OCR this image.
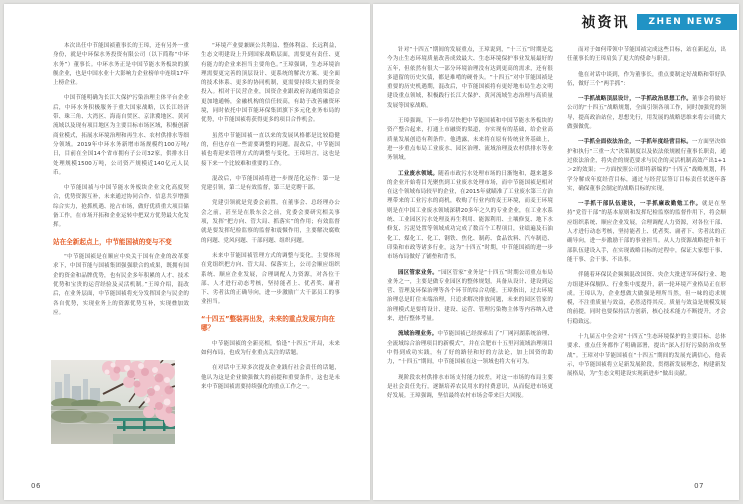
本次出任中节能国祯董事长的王璋，还有另外一重身份，就是中环保水务投资有限公司（以下简称“中环水务”）董事长。中环水务正是中国节能水务板块的旗舰企业，也是中国水业十大影响力企业榜单中连续17年上榜企业。

中国节能明确为长江大保护污染治理主体平台企业后，中环水务积极服务于重大国家战略，以长江经济带、珠三角、大湾区、海南自贸区、京津冀地区、黄河流域以及现有项目地区为主要目标市场区域，积极创新商业模式，拓展水环境治理和再生水、农村供排水等细分领域。2019年中环水务新增市场规模约100万吨/日，目前在全国14个省市拥有子公司32家，供排水日处理规模1500万吨，公司资产规模近140亿元人民币。

中节能国祯与中国节能水务板块企业文化高度契合，优势资源互补，未来通过协同合作、信息共享增强综合实力，抢抓机遇、抢占市场，做好优质重大项目储备工作，在市场开拓和企业运转中把双方优势最大化发挥。

站在全新起点上，中节能国祯的变与不变

“中节能国祯是在顺应中央关于国有企业的改革要求下，中国节能与国祯集团强强联合的成果，既拥有国企的资金和品牌优势，也有民企多年积累的人才、技术优势和宝贵的运营经验及灵活机制。”王璋介绍，混改后，在业务层面，中节能国祯将充分发挥国企与民企的各自优势，实现业务上的资源优势互补，实现叠加效应。

“环境产业要兼顾公共利益、整体利益、长远利益，生态文明建设上升到国家战略层面，需要更有责任、更有能力的企业来担当主要角色。”王璋强调，生态环境治理需要更完善的顶层设计、更系统的解决方案、更全面的技术体系、更多的协同机制，更需要持续大量的资金投入。相对于民营企业，国资企业跟政府沟通的渠道会更加地通畅，金融机构的信任较高，有助于改善融资环境，同时依托中国节能环保集团旗下多元化业务布局的优势，中节能国祯将获得更多的项目合作机会。

虽然中节能国祯一直以来的发展风格都是比较稳健的，但也存在一些需要调整的问题。混改后，中节能国祯也将迎来管理方式的调整与变化，王璋坦言，这也是接下来一个比较难和重要的工作。

混改后，中节能国祯将进一步规范化运作：第一是党建引领，第二是有效监督，第三是竞聘干部。

党建引领就是党委会前置，在董事会、总经理办公会之前，甚至是在股东会之前，党委会要研究相关事项，发挥“把方向、管大局、抓落实”的作用；有效监督就是要发挥纪检监察的监督和震慑作用，主要解决腐败的问题、党风问题、干部问题、组织问题。

未来中节能国祯管理方式的调整与变化，主要体现在党组织把方向、管大局、保落实上，公司会顺应组织系统、顺应企业发展，合理调配人力资源，对各位干部、人才进行动态考核，坚持能者上、优者奖、庸者下、劣者汰的正确导向，进一步激励广大干部员工的事业担当。

“十四五”整装再出发，未来的重点发展方向在哪？

中节能国祯的全新亮相，恰逢“十四五”开局，未来如何布局，也成为行业重点关注的话题。

在对话中王璋多次提及企业践行社会责任的话题，他认为这是企业做强做大的前提和重要条件，这也是未来中节能国祯需要持续强化的重点工作之一。

06
祯资讯	ZHEN NEWS

针对“十四五”期间的发展重点，王璋说到，“十三五”时期是迄今为止生态环境质量改善成效最大、生态环境保护事业发展最好的五年，但依然有很大一部分环境治理没有达到更高的需求，还有很多遗留的历史欠债，都是难啃的硬骨头。“十四五”对中节能国祯是重要的历史机遇期，混改后，中节能国祯将有更好地布局生态文明建设重点领域，积极践行长江大保护、黄河流域生态治理与高质量发展等国家战略。

王璋强调，下一步将尽快把中节能国祯和中国节能水务板块的资产整合起来，打通上市融资的渠道，夯实现有的基础，给企业高质量发展创造有利条件。他透露，未来将在原有传统业务基础上，进一步重点布局工业废水、园区治理、流域治理及农村供排水等业务领域。

工业废水领域。随着市政污水处理市场的日渐饱和，越来越多的企业开始将目光聚焦到工业废水处理市场，而中节能国祯是相对在这个领域布局较早的企业，在2015年就瞄准了工业废水第三方治理带来的工业污水的商机，收购了行业内的麦王环境，而麦王环境则是在中国工业废水领域深耕20多年之久的专业企业，在工业水系统、工业园区污水处理及再生利用、能源利用、土壤修复、地下水修复、污泥处置等领域成功完成了数百个工程项目，业绩遍及石油化工、煤化工、化工、钢铁、焦化、制药、食品饮料、汽车制造、印染和市政等诸多行业，这为“十四五”时期，中节能国祯的进一步市场布局做好了铺垫和背书。

园区管家业务。“园区管家”业务是“十四五”时期公司重点布局业务之一，主要是做专业园区的整体规划，具备从设计、建设到运营、管理及环保治理等各个环节的综合功能。王璋指出，过去环境治理总是盯住末端治理，只追求解决排放问题，未来的园区管家的治理模式是要将设计、建设、运营、管理污染物主体等内容纳入进来，进行整体考量。

流域治理业务。中节能国祯已经探索出了“厂网河湖系统治理、全流域综合治理项目的新模式”，并在合肥市十五里河流域治理项目中得到成功实践，有了好的路径和好的方法论，加上国资的助力，“十四五”期间，中节能国祯在这一领域也将大有可为。

现阶段农村供排水市场支付能力较差，对这一市场的布局主要是社会责任先行，逐渐培养农民用水的付费意识，从而促进市场更好发展。王璋强调，坚信最终农村市场会带来巨大回报。

而对于如何带领中节能国祯完成这些目标，站在新起点，出任董事长的王璋肩负了更大的使命与职责。

他在对话中谈到，作为董事长，重点要制定好战略和带好队伍，做好三个“两手抓”：

一手抓战略顶层设计，一手抓政治思想工作。董事会将做好公司的“十四五”战略规划，全面引领各项工作，同时加强党的领导，提高政治站位，思想先行，用发展的战略思维来将公司做大做强做优。

一手抓全面依法治企，一手抓年度经营目标。一方面坚决维护和执行“三重一大”决策制度以及依法依规履行董事长职责，通过依法治企，将央企的规范要求与民企的灵活机制高效产出1+1＞2的效果；一方面按照公司即将新编的“十四五”战略规划，科学分解成年度经营目标，通过与经营层签订目标责任状逐年落实，确保董事会制定的战略目标的实现。

一手抓干部队伍建设，一手抓廉政勤勉工作。就是在坚持“党管干部”的基本原则和发挥纪检监察的监督作用下，将会顺应组织系统、顺应企业发展，合理调配人力资源，对各位干部、人才进行动态考核，坚持能者上、优者奖、庸者下、劣者汰的正确导向，进一步激励干部的事业担当。从人力资源战略提升和干部队伍建设入手，在实现战略目标的过程中，保证大家想干事、能干事、会干事、不出事。

伴随着环保民企频频混改国资、央企大批进军环保行业、地方组建环保舰队、行业集中度提升，新一轮环境产业格局正在形成。王璋认为，企业想做大做强是理所当然，但一味的追求规模，不注重质量与效益，必然适得其反。质量与效益是规模发展的前提，同时也要保持活力创新，核心技术能力不断提升，才会行稳致远。

十九届五中全会对“十四五”生态环境保护的主要目标、总体要求、重点任务都作了明确部署，提出“深入打好污染防治攻坚战”。王璋对中节能国祯在“十四五”期间的发展充满信心，他表示，中节能国祯将立足新发展阶段，贯彻新发展理念，构建新发展格局，为“生态文明建设实现新进步”做出贡献。

07
